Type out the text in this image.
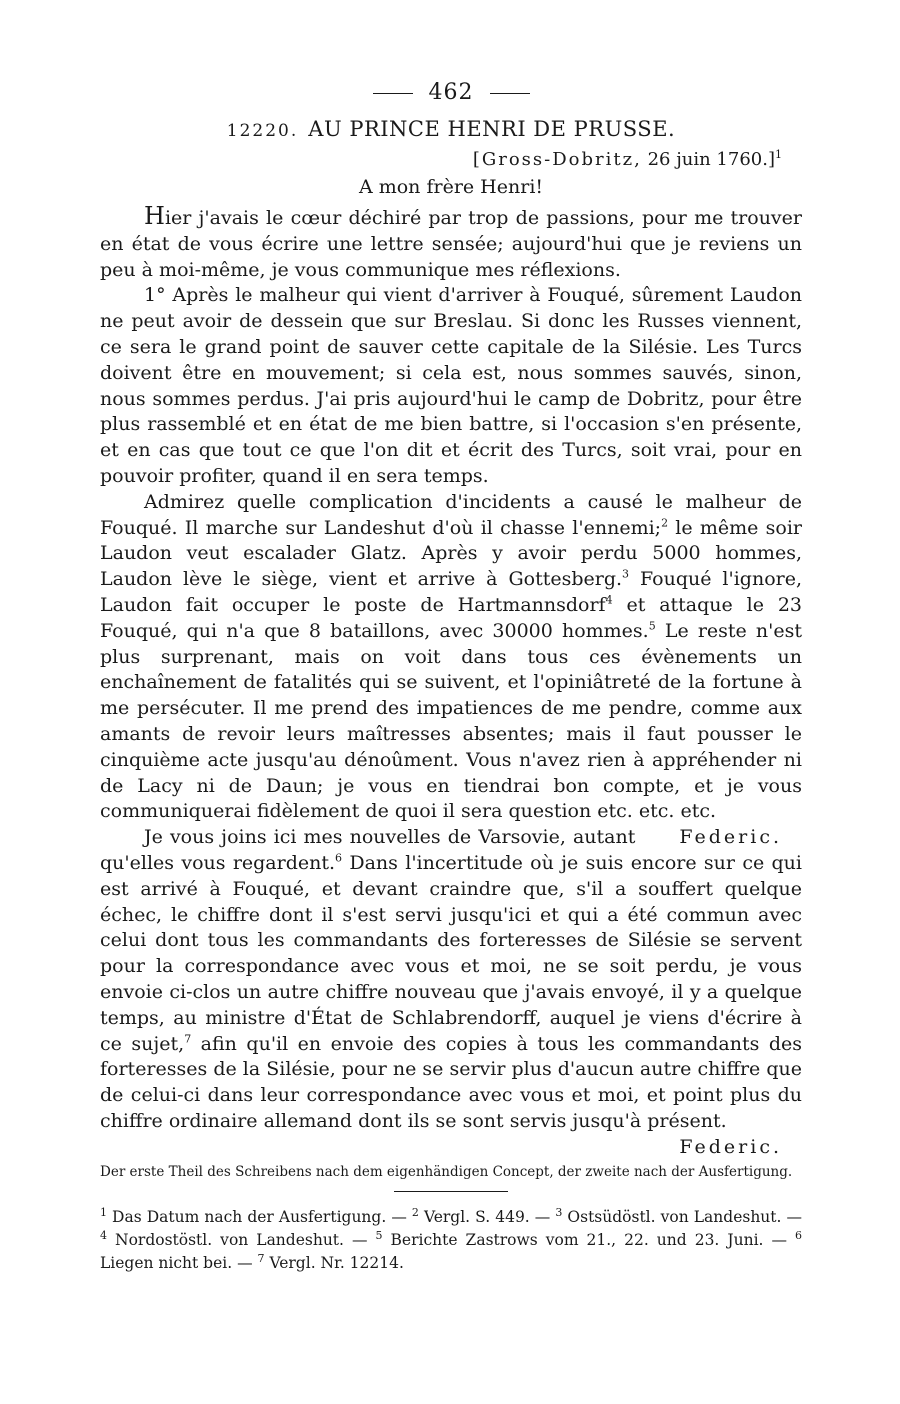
462
12220. AU PRINCE HENRI DE PRUSSE.
[Gross-Dobritz, 26 juin 1760.]$^1$
A mon frère Henri!

Hier j'avais le cœur déchiré par trop de passions, pour me trouver en état de vous écrire une lettre sensée; aujourd'hui que je reviens un peu à moi-même, je vous communique mes réflexions.

1° Après le malheur qui vient d'arriver à Fouqué, sûrement Laudon ne peut avoir de dessein que sur Breslau. Si donc les Russes viennent, ce sera le grand point de sauver cette capitale de la Silésie. Les Turcs doivent être en mouvement; si cela est, nous sommes sauvés, sinon, nous sommes perdus. J'ai pris aujourd'hui le camp de Dobritz, pour être plus rassemblé et en état de me bien battre, si l'occasion s'en présente, et en cas que tout ce que l'on dit et écrit des Turcs, soit vrai, pour en pouvoir profiter, quand il en sera temps.

Admirez quelle complication d'incidents a causé le malheur de Fouqué. Il marche sur Landeshut d'où il chasse l'ennemi;$^2$ le même soir Laudon veut escalader Glatz. Après y avoir perdu 5000 hommes, Laudon lève le siège, vient et arrive à Gottesberg.$^3$ Fouqué l'ignore, Laudon fait occuper le poste de Hartmannsdorf$^4$ et attaque le 23 Fouqué, qui n'a que 8 bataillons, avec 30000 hommes.$^5$ Le reste n'est plus surprenant, mais on voit dans tous ces évènements un enchaînement de fatalités qui se suivent, et l'opiniâtreté de la fortune à me persécuter. Il me prend des impatiences de me pendre, comme aux amants de revoir leurs maîtresses absentes; mais il faut pousser le cinquième acte jusqu'au dénoûment. Vous n'avez rien à appréhender ni de Lacy ni de Daun; je vous en tiendrai bon compte, et je vous communiquerai fidèlement de quoi il sera question etc. etc. etc.
Federic.

Je vous joins ici mes nouvelles de Varsovie, autant qu'elles vous regardent.$^6$ Dans l'incertitude où je suis encore sur ce qui est arrivé à Fouqué, et devant craindre que, s'il a souffert quelque échec, le chiffre dont il s'est servi jusqu'ici et qui a été commun avec celui dont tous les commandants des forteresses de Silésie se servent pour la correspondance avec vous et moi, ne se soit perdu, je vous envoie ci-clos un autre chiffre nouveau que j'avais envoyé, il y a quelque temps, au ministre d'État de Schlabrendorff, auquel je viens d'écrire à ce sujet,$^7$ afin qu'il en envoie des copies à tous les commandants des forteresses de la Silésie, pour ne se servir plus d'aucun autre chiffre que de celui-ci dans leur correspondance avec vous et moi, et point plus du chiffre ordinaire allemand dont ils se sont servis jusqu'à présent.

Federic.
Der erste Theil des Schreibens nach dem eigenhändigen Concept, der zweite nach der Ausfertigung.
$^1$ Das Datum nach der Ausfertigung. — $^2$ Vergl. S. 449. — $^3$ Ostsüdöstl. von Landeshut. — $^4$ Nordostöstl. von Landeshut. — $^5$ Berichte Zastrows vom 21., 22. und 23. Juni. — $^6$ Liegen nicht bei. — $^7$ Vergl. Nr. 12214.
